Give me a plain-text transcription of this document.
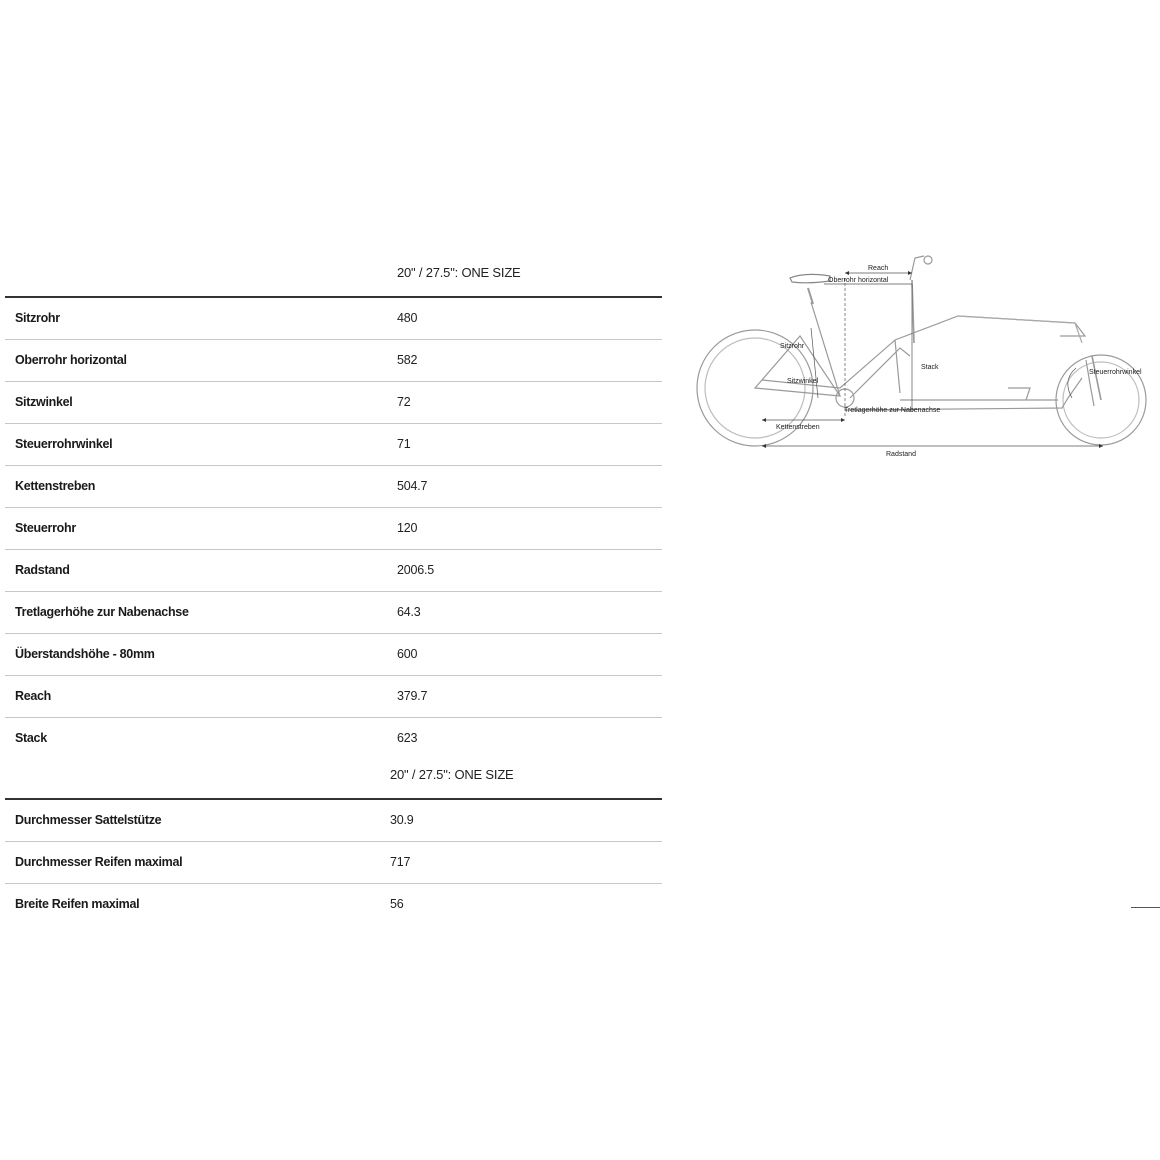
20" / 27.5": ONE SIZE
Sitzrohr	480
Oberrohr horizontal	582
Sitzwinkel	72
Steuerrohrwinkel	71
Kettenstreben	504.7
Steuerrohr	120
Radstand	2006.5
Tretlagerhöhe zur Nabenachse	64.3
Überstandshöhe - 80mm	600
Reach	379.7
Stack	623
20" / 27.5": ONE SIZE
Durchmesser Sattelstütze	30.9
Durchmesser Reifen maximal	717
Breite Reifen maximal	56
Reach
Oberrohr horizontal
Sitzrohr
Stack
Sitzwinkel
Steuerrohrwinkel
Tretlagerhöhe zur Nabenachse
Kettenstreben
Radstand
